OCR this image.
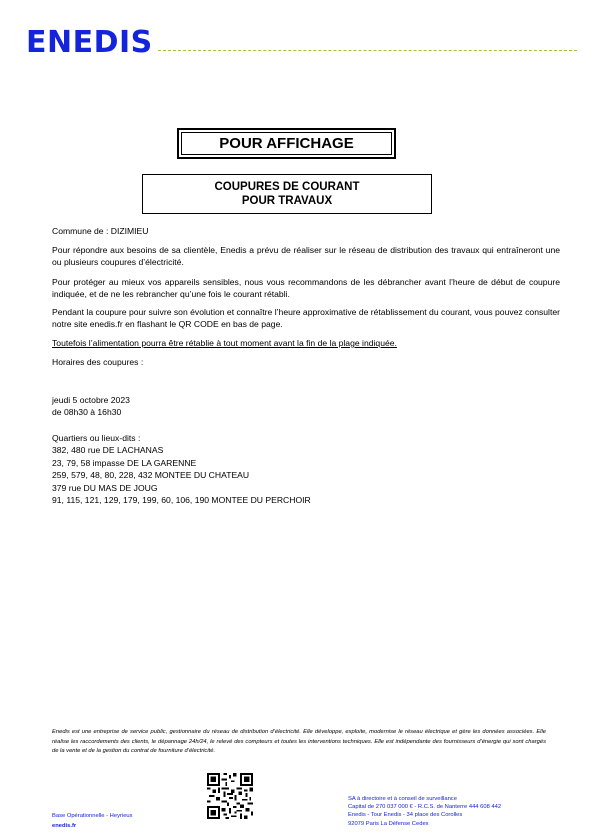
ENEDIS
POUR AFFICHAGE
COUPURES DE COURANT
POUR TRAVAUX
Commune de : DIZIMIEU
Pour répondre aux besoins de sa clientèle, Enedis a prévu de réaliser sur le réseau de distribution des travaux qui entraîneront une ou plusieurs coupures d’électricité.
Pour protéger au mieux vos appareils sensibles, nous vous recommandons de les débrancher avant l’heure de début de coupure indiquée, et de ne les rebrancher qu’une fois le courant rétabli.
Pendant la coupure pour suivre son évolution et connaître l’heure approximative de rétablissement du courant, vous pouvez consulter notre site enedis.fr en flashant le QR CODE en bas de page.
Toutefois l’alimentation pourra être rétablie à tout moment avant la fin de la plage indiquée.
Horaires des coupures :
jeudi 5 octobre 2023
de 08h30 à 16h30
Quartiers ou lieux-dits :
382, 480 rue DE LACHANAS
23, 79, 58 impasse DE LA GARENNE
259, 579, 48, 80, 228, 432 MONTEE DU CHATEAU
379 rue DU MAS DE JOUG
91, 115, 121, 129, 179, 199, 60, 106, 190 MONTEE DU PERCHOIR
Enedis est une entreprise de service public, gestionnaire du réseau de distribution d’électricité. Elle développe, exploite, modernise le réseau électrique et gère les données associées. Elle réalise les raccordements des clients, le dépannage 24h/24, le relevé des compteurs et toutes les interventions techniques. Elle est indépendante des fournisseurs d’énergie qui sont chargés de la vente et de la gestion du contrat de fourniture d’électricité.
Base Opérationnelle - Heyrieux
enedis.fr
SA à directoire et à conseil de surveillance
Capital de 270 037 000 € - R.C.S. de Nanterre 444 608 442
Enedis - Tour Enedis - 34 place des Corolles
92079 Paris La Défense Cedex
